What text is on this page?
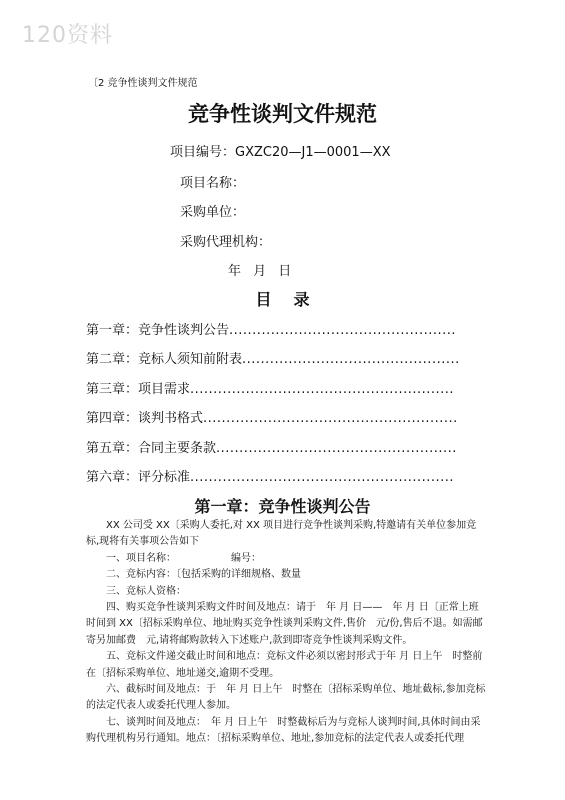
120资料
〔2 竞争性谈判文件规范
竞争性谈判文件规范
项目编号：GXZC20—J1—0001—XX
项目名称：
采购单位：
采购代理机构：
年 月 日
目录
第一章：竞争性谈判公告.................................................
第二章：竞标人须知前附表...............................................
第三章：项目需求.........................................................
第四章：谈判书格式.......................................................
第五章：合同主要条款....................................................
第六章：评分标准.........................................................
第一章：竞争性谈判公告

XX 公司受 XX〔采购人委托,对 XX 项目进行竞争性谈判采购,特邀请有关单位参加竞标,现将有关事项公告如下

一、项目名称：　　　　　　编号：

二、竞标内容：〔包括采购的详细规格、数量

三、竞标人资格：

四、购买竞争性谈判采购文件时间及地点：请于　年 月 日——　年 月 日〔正常上班时间到 XX〔招标采购单位、地址购买竞争性谈判采购文件,售价　元/份,售后不退。如需邮寄另加邮费　元,请将邮购款转入下述账户,款到即寄竞争性谈判采购文件。

五、竞标文件递交截止时间和地点：竞标文件必须以密封形式于年 月 日上午　时整前在〔招标采购单位、地址递交,逾期不受理。

六、截标时间及地点：于　年 月 日上午　时整在〔招标采购单位、地址截标,参加竞标的法定代表人或委托代理人参加。

七、谈判时间及地点：　年 月 日上午　时整截标后为与竞标人谈判时间,具体时间由采购代理机构另行通知。地点：〔招标采购单位、地址,参加竞标的法定代表人或委托代理
